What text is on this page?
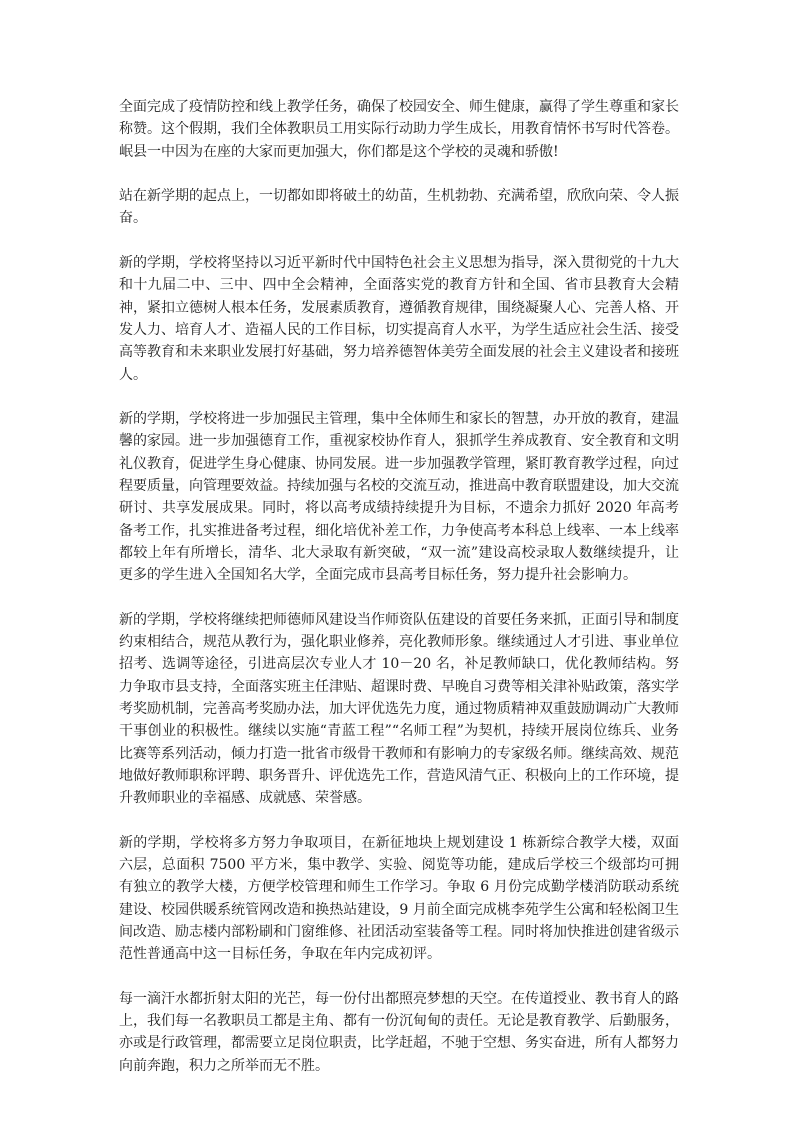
全面完成了疫情防控和线上教学任务，确保了校园安全、师生健康，赢得了学生尊重和家长称赞。这个假期，我们全体教职员工用实际行动助力学生成长，用教育情怀书写时代答卷。岷县一中因为在座的大家而更加强大，你们都是这个学校的灵魂和骄傲!

站在新学期的起点上，一切都如即将破土的幼苗，生机勃勃、充满希望，欣欣向荣、令人振奋。

新的学期，学校将坚持以习近平新时代中国特色社会主义思想为指导，深入贯彻党的十九大和十九届二中、三中、四中全会精神，全面落实党的教育方针和全国、省市县教育大会精神，紧扣立德树人根本任务，发展素质教育，遵循教育规律，围绕凝聚人心、完善人格、开发人力、培育人才、造福人民的工作目标，切实提高育人水平，为学生适应社会生活、接受高等教育和未来职业发展打好基础，努力培养德智体美劳全面发展的社会主义建设者和接班人。

新的学期，学校将进一步加强民主管理，集中全体师生和家长的智慧，办开放的教育，建温馨的家园。进一步加强德育工作，重视家校协作育人，狠抓学生养成教育、安全教育和文明礼仪教育，促进学生身心健康、协同发展。进一步加强教学管理，紧盯教育教学过程，向过程要质量，向管理要效益。持续加强与名校的交流互动，推进高中教育联盟建设，加大交流研讨、共享发展成果。同时，将以高考成绩持续提升为目标，不遗余力抓好 2020 年高考备考工作，扎实推进备考过程，细化培优补差工作，力争使高考本科总上线率、一本上线率都较上年有所增长，清华、北大录取有新突破，“双一流”建设高校录取人数继续提升，让更多的学生进入全国知名大学，全面完成市县高考目标任务，努力提升社会影响力。

新的学期，学校将继续把师德师风建设当作师资队伍建设的首要任务来抓，正面引导和制度约束相结合，规范从教行为，强化职业修养，亮化教师形象。继续通过人才引进、事业单位招考、选调等途径，引进高层次专业人才 10－20 名，补足教师缺口，优化教师结构。努力争取市县支持，全面落实班主任津贴、超课时费、早晚自习费等相关津补贴政策，落实学考奖励机制，完善高考奖励办法，加大评优选先力度，通过物质精神双重鼓励调动广大教师干事创业的积极性。继续以实施“青蓝工程”“名师工程”为契机，持续开展岗位练兵、业务比赛等系列活动，倾力打造一批省市级骨干教师和有影响力的专家级名师。继续高效、规范地做好教师职称评聘、职务晋升、评优选先工作，营造风清气正、积极向上的工作环境，提升教师职业的幸福感、成就感、荣誉感。

新的学期，学校将多方努力争取项目，在新征地块上规划建设 1 栋新综合教学大楼，双面六层，总面积 7500 平方米，集中教学、实验、阅览等功能，建成后学校三个级部均可拥有独立的教学大楼，方便学校管理和师生工作学习。争取 6 月份完成勤学楼消防联动系统建设、校园供暖系统管网改造和换热站建设，9 月前全面完成桃李苑学生公寓和轻松阁卫生间改造、励志楼内部粉刷和门窗维修、社团活动室装备等工程。同时将加快推进创建省级示范性普通高中这一目标任务，争取在年内完成初评。

每一滴汗水都折射太阳的光芒，每一份付出都照亮梦想的天空。在传道授业、教书育人的路上，我们每一名教职员工都是主角、都有一份沉甸甸的责任。无论是教育教学、后勤服务，亦或是行政管理，都需要立足岗位职责，比学赶超，不驰于空想、务实奋进，所有人都努力向前奔跑，积力之所举而无不胜。
